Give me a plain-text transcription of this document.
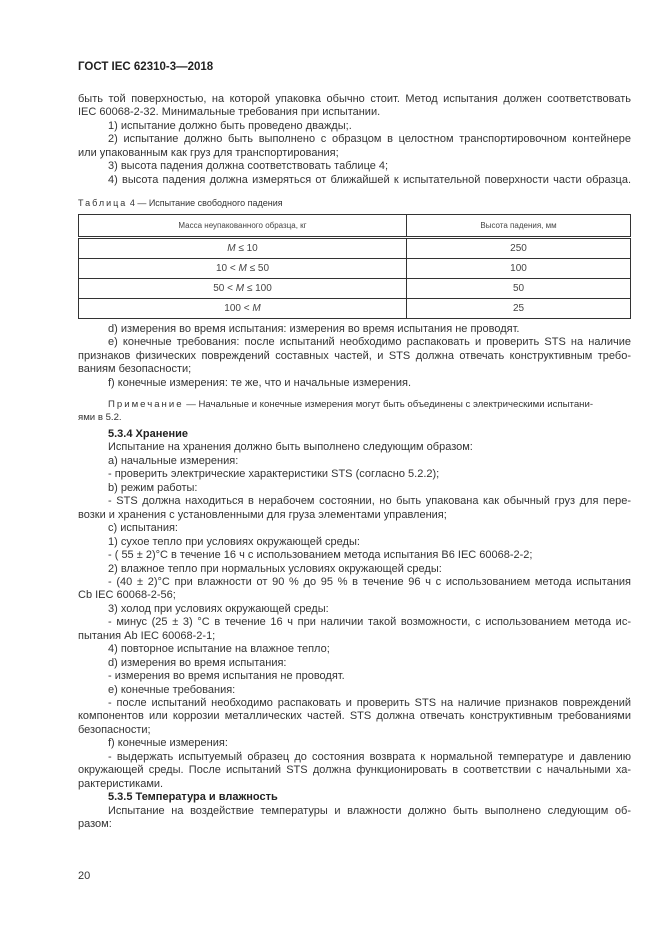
ГОСТ IEC 62310-3—2018
быть той поверхностью, на которой упаковка обычно стоит. Метод испытания должен соответствовать
IEC 60068-2-32. Минимальные требования при испытании.
1) испытание должно быть проведено дважды;.
2) испытание должно быть выполнено с образцом в целостном транспортировочном контейнере
или упакованным как груз для транспортирования;
3) высота падения должна соответствовать таблице 4;
4) высота падения должна измеряться от ближайшей к испытательной поверхности части образца.
Таблица 4 — Испытание свободного падения
Масса неупакованного образца, кг	Высота падения, мм
M ≤ 10	250
10 < M ≤ 50	100
50 < M ≤ 100	50
100 < M	25
d) измерения во время испытания: измерения во время испытания не проводят.
е) конечные требования: после испытаний необходимо распаковать и проверить STS на наличие
признаков физических повреждений составных частей, и STS должна отвечать конструктивным требо-
ваниям безопасности;
f) конечные измерения: те же, что и начальные измерения.
Примечание — Начальные и конечные измерения могут быть объединены с электрическими испытани-
ями в 5.2.
5.3.4 Хранение
Испытание на хранения должно быть выполнено следующим образом:
а) начальные измерения:
- проверить электрические характеристики STS (согласно 5.2.2);
b) режим работы:
- STS должна находиться в нерабочем состоянии, но быть упакована как обычный груз для пере-
возки и хранения с установленными для груза элементами управления;
с) испытания:
1) сухое тепло при условиях окружающей среды:
- ( 55 ± 2)°C в течение 16 ч с использованием метода испытания B6 IEC 60068-2-2;
2) влажное тепло при нормальных условиях окружающей среды:
- (40 ± 2)°C при влажности от 90 % до 95 % в течение 96 ч с использованием метода испытания
Cb IEC 60068-2-56;
3) холод при условиях окружающей среды:
- минус (25 ± 3) °C в течение 16 ч при наличии такой возможности, с использованием метода ис-
пытания Ab IEC 60068-2-1;
4) повторное испытание на влажное тепло;
d) измерения во время испытания:
- измерения во время испытания не проводят.
е) конечные требования:
- после испытаний необходимо распаковать и проверить STS на наличие признаков повреждений
компонентов или коррозии металлических частей. STS должна отвечать конструктивным требованиями
безопасности;
f) конечные измерения:
- выдержать испытуемый образец до состояния возврата к нормальной температуре и давлению
окружающей среды. После испытаний STS должна функционировать в соответствии с начальными ха-
рактеристиками.
5.3.5 Температура и влажность
Испытание на воздействие температуры и влажности должно быть выполнено следующим об-
разом:
20
